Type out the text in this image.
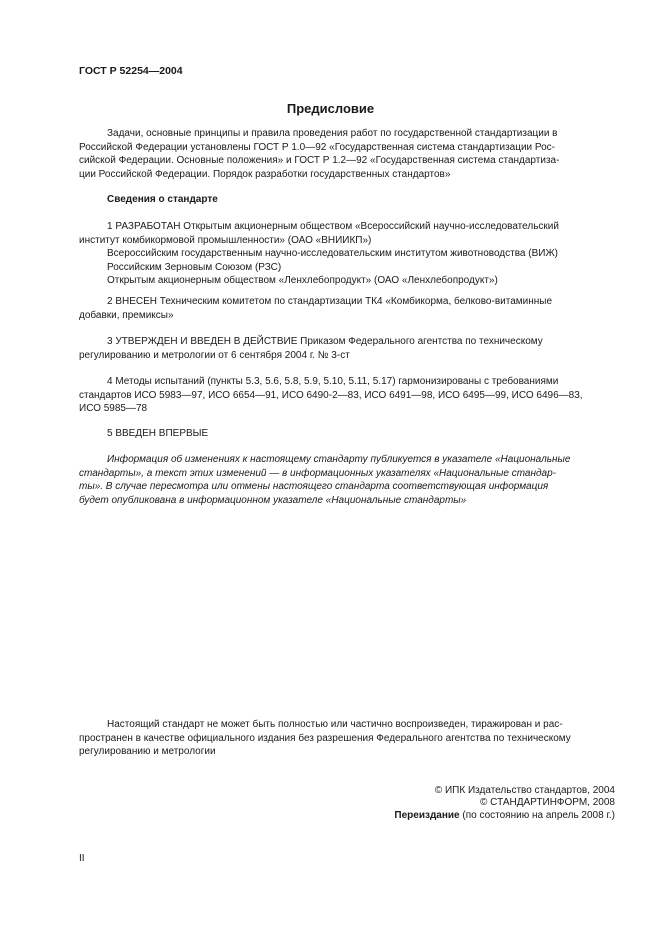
ГОСТ Р 52254—2004
Предисловие

Задачи, основные принципы и правила проведения работ по государственной стандартизации в

Российской Федерации установлены ГОСТ Р 1.0—92 «Государственная система стандартизации Рос-

сийской Федерации. Основные положения» и ГОСТ Р 1.2—92 «Государственная система стандартиза-

ции Российской Федерации. Порядок разработки государственных стандартов»

Сведения о стандарте

1 РАЗРАБОТАН Открытым акционерным обществом «Всероссийский научно-исследовательский

институт комбикормовой промышленности» (ОАО «ВНИИКП»)

Всероссийским государственным научно-исследовательским институтом животноводства (ВИЖ)

Российским Зерновым Союзом (РЗС)

Открытым акционерным обществом «Ленхлебопродукт» (ОАО «Ленхлебопродукт»)

2 ВНЕСЕН Техническим комитетом по стандартизации ТК4 «Комбикорма, белково-витаминные

добавки, премиксы»

3 УТВЕРЖДЕН И ВВЕДЕН В ДЕЙСТВИЕ Приказом Федерального агентства по техническому

регулированию и метрологии от 6 сентября 2004 г. № 3-ст

4 Методы испытаний (пункты 5.3, 5.6, 5.8, 5.9, 5.10, 5.11, 5.17) гармонизированы с требованиями

стандартов ИСО 5983—97, ИСО 6654—91, ИСО 6490-2—83, ИСО 6491—98, ИСО 6495—99, ИСО 6496—83,

ИСО 5985—78

5 ВВЕДЕН ВПЕРВЫЕ

Информация об изменениях к настоящему стандарту публикуется в указателе «Национальные

стандарты», а текст этих изменений — в информационных указателях «Национальные стандар-

ты». В случае пересмотра или отмены настоящего стандарта соответствующая информация

будет опубликована в информационном указателе «Национальные стандарты»

Настоящий стандарт не может быть полностью или частично воспроизведен, тиражирован и рас-

пространен в качестве официального издания без разрешения Федерального агентства по техническому

регулированию и метрологии

© ИПК Издательство стандартов, 2004
© СТАНДАРТИНФОРМ, 2008
Переиздание (по состоянию на апрель 2008 г.)
II
